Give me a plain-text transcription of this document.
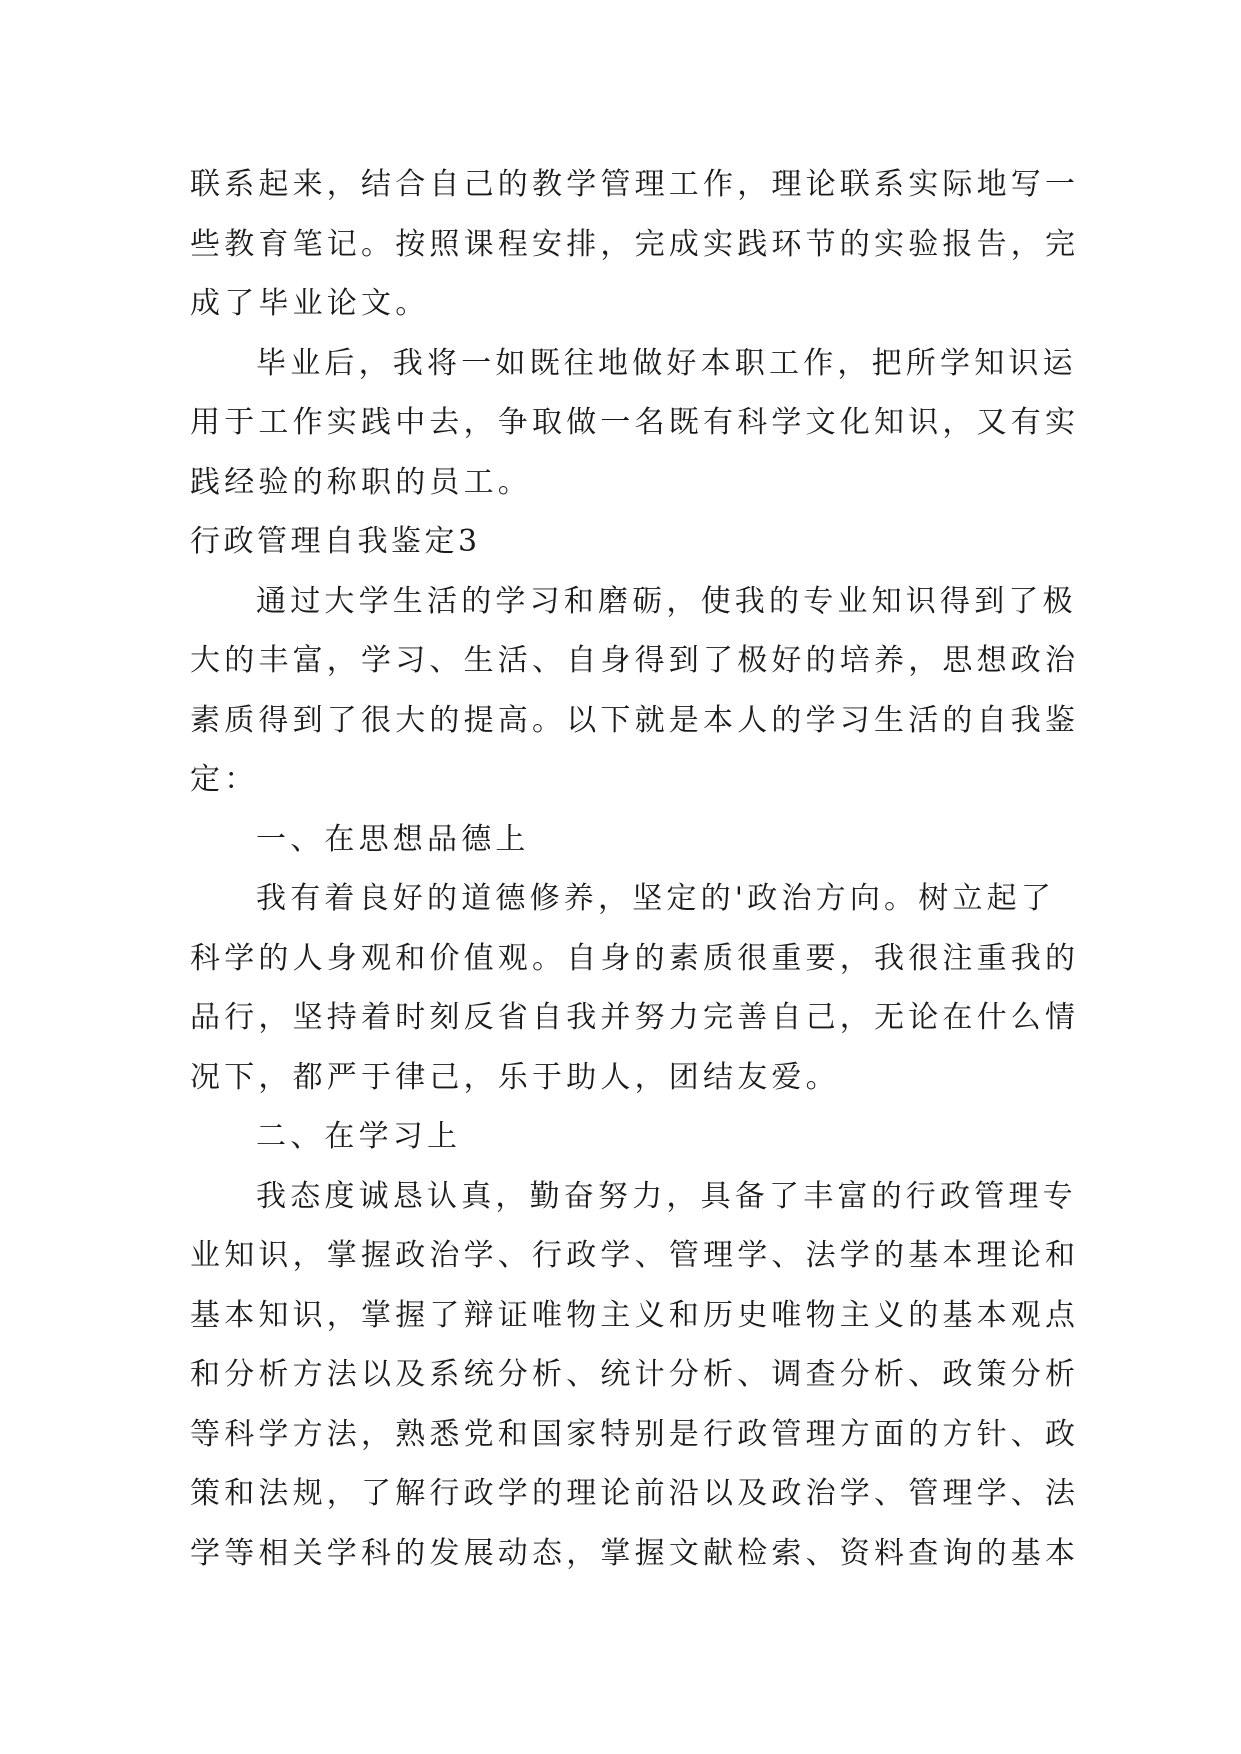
联系起来，结合自己的教学管理工作，理论联系实际地写一
些教育笔记。按照课程安排，完成实践环节的实验报告，完
成了毕业论文。
毕业后，我将一如既往地做好本职工作，把所学知识运
用于工作实践中去，争取做一名既有科学文化知识，又有实
践经验的称职的员工。
行政管理自我鉴定3
通过大学生活的学习和磨砺，使我的专业知识得到了极
大的丰富，学习、生活、自身得到了极好的培养，思想政治
素质得到了很大的提高。以下就是本人的学习生活的自我鉴
定：
一、在思想品德上
我有着良好的道德修养，坚定的'政治方向。树立起了
科学的人身观和价值观。自身的素质很重要，我很注重我的
品行，坚持着时刻反省自我并努力完善自己，无论在什么情
况下，都严于律己，乐于助人，团结友爱。
二、在学习上
我态度诚恳认真，勤奋努力，具备了丰富的行政管理专
业知识，掌握政治学、行政学、管理学、法学的基本理论和
基本知识，掌握了辩证唯物主义和历史唯物主义的基本观点
和分析方法以及系统分析、统计分析、调查分析、政策分析
等科学方法，熟悉党和国家特别是行政管理方面的方针、政
策和法规，了解行政学的理论前沿以及政治学、管理学、法
学等相关学科的发展动态，掌握文献检索、资料查询的基本
